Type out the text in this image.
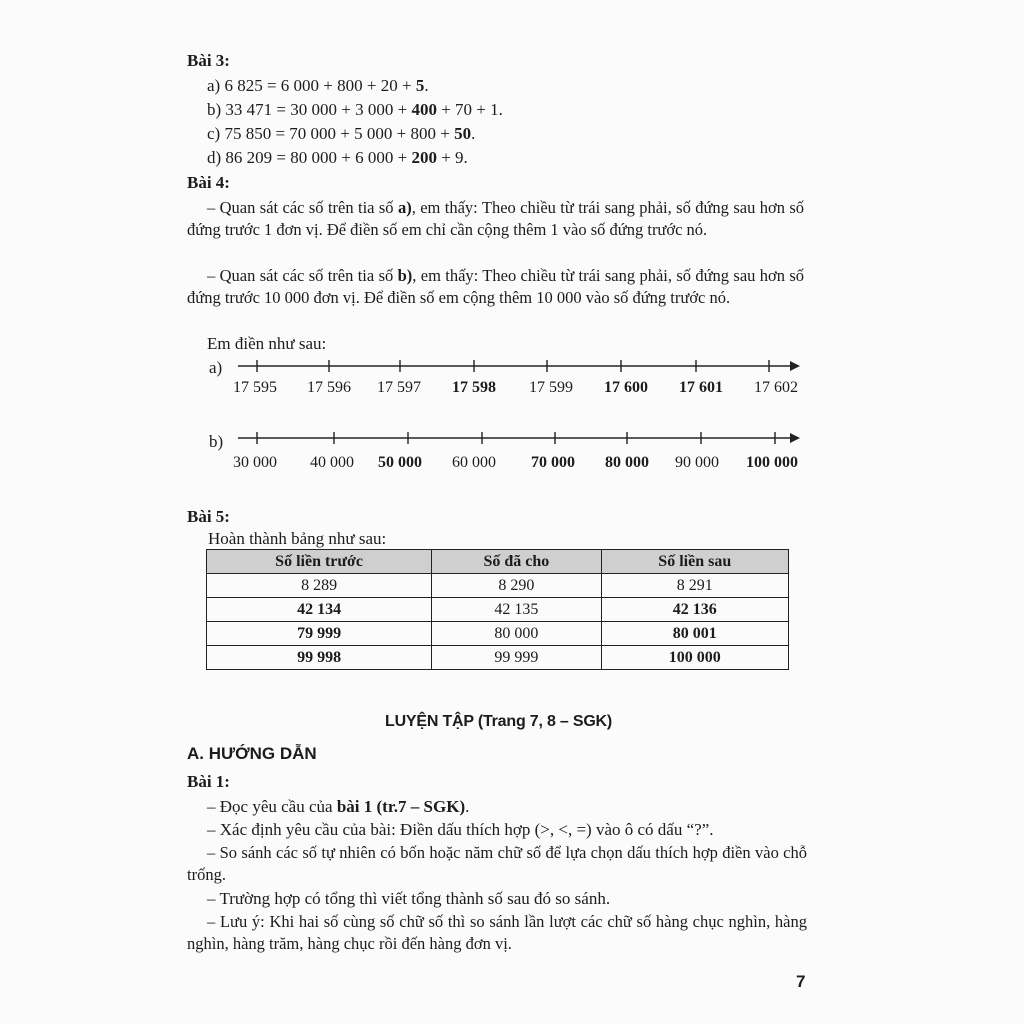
Bài 3:
a) 6 825 = 6 000 + 800 + 20 + 5.
b) 33 471 = 30 000 + 3 000 + 400 + 70 + 1.
c) 75 850 = 70 000 + 5 000 + 800 + 50.
d) 86 209 = 80 000 + 6 000 + 200 + 9.
Bài 4:
– Quan sát các số trên tia số a), em thấy: Theo chiều từ trái sang phải, số đứng sau hơn số đứng trước 1 đơn vị. Để điền số em chỉ cần cộng thêm 1 vào số đứng trước nó.
– Quan sát các số trên tia số b), em thấy: Theo chiều từ trái sang phải, số đứng sau hơn số đứng trước 10 000 đơn vị. Để điền số em cộng thêm 10 000 vào số đứng trước nó.
Em điền như sau:
a)
17 595	17 596	17 597	17 598	17 599	17 600	17 601	17 602
b)
30 000	40 000	50 000	60 000	70 000	80 000	90 000	100 000
Bài 5:
Hoàn thành bảng như sau:
Số liền trước	Số đã cho	Số liền sau
8 289	8 290	8 291
42 134	42 135	42 136
79 999	80 000	80 001
99 998	99 999	100 000
LUYỆN TẬP (Trang 7, 8 – SGK)
A. HƯỚNG DẪN
Bài 1:
– Đọc yêu cầu của bài 1 (tr.7 – SGK).
– Xác định yêu cầu của bài: Điền dấu thích hợp (>, <, =) vào ô có dấu “?”.
– So sánh các số tự nhiên có bốn hoặc năm chữ số để lựa chọn dấu thích hợp điền vào chỗ trống.
– Trường hợp có tổng thì viết tổng thành số sau đó so sánh.
– Lưu ý: Khi hai số cùng số chữ số thì so sánh lần lượt các chữ số hàng chục nghìn, hàng nghìn, hàng trăm, hàng chục rồi đến hàng đơn vị.
7
